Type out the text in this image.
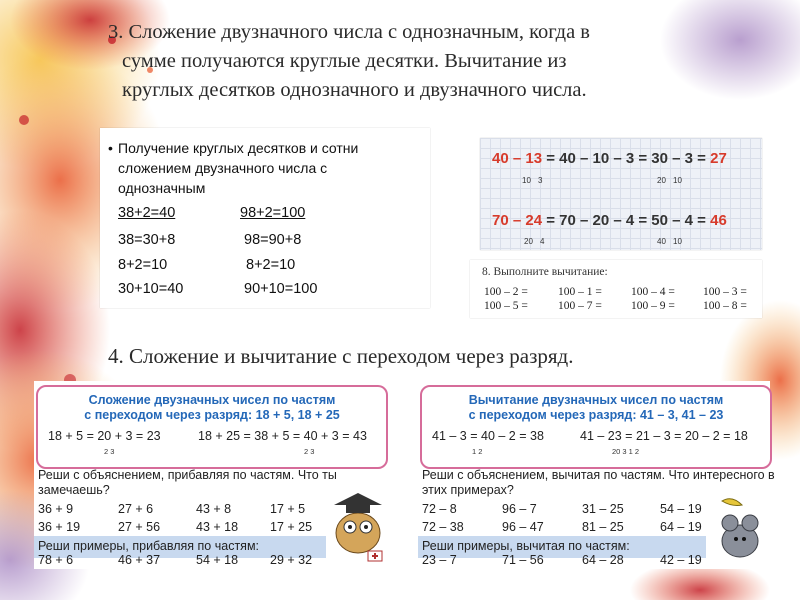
3. Сложение двузначного числа с однозначным, когда в
сумме получаются круглые десятки. Вычитание из
круглых десятков однозначного и двузначного числа.
• Получение круглых десятков и сотни сложением двузначного числа с однозначным
38+2=40
38=30+8
8+2=10
30+10=40
98+2=100
98=90+8
8+2=10
90+10=100
40 – 13 = 40 – 10 – 3 = 30 – 3 = 27
10 3	20 10
70 – 24 = 70 – 20 – 4 = 50 – 4 = 46
20 4	40 10
8. Выполните вычитание:
100 – 2 =	100 – 1 =	100 – 4 = 100 – 3 =
100 – 5 =	100 – 7 =	100 – 9 = 100 – 8 =
4. Сложение и вычитание с переходом через разряд.
Сложение двузначных чисел по частям
с переходом через разряд: 18 + 5, 18 + 25
18 + 5 = 20 + 3 = 23
2 3
18 + 25 = 38 + 5 = 40 + 3 = 43
2 3
Реши с объяснением, прибавляя по частям. Что ты
замечаешь?
36 + 9	27 + 6	43 + 8	17 + 5
36 + 19	27 + 56	43 + 18	17 + 25
Реши примеры, прибавляя по частям:
78 + 6	46 + 37	54 + 18	29 + 32
Вычитание двузначных чисел по частям
с переходом через разряд: 41 – 3, 41 – 23
41 – 3 = 40 – 2 = 38
1 2
41 – 23 = 21 – 3 = 20 – 2 = 18
20 3 1 2
Реши с объяснением, вычитая по частям. Что интересного в
этих примерах?
72 – 8	96 – 7	31 – 25	54 – 19
72 – 38	96 – 47	81 – 25	64 – 19
Реши примеры, вычитая по частям:
23 – 7	71 – 56	64 – 28	42 – 19
